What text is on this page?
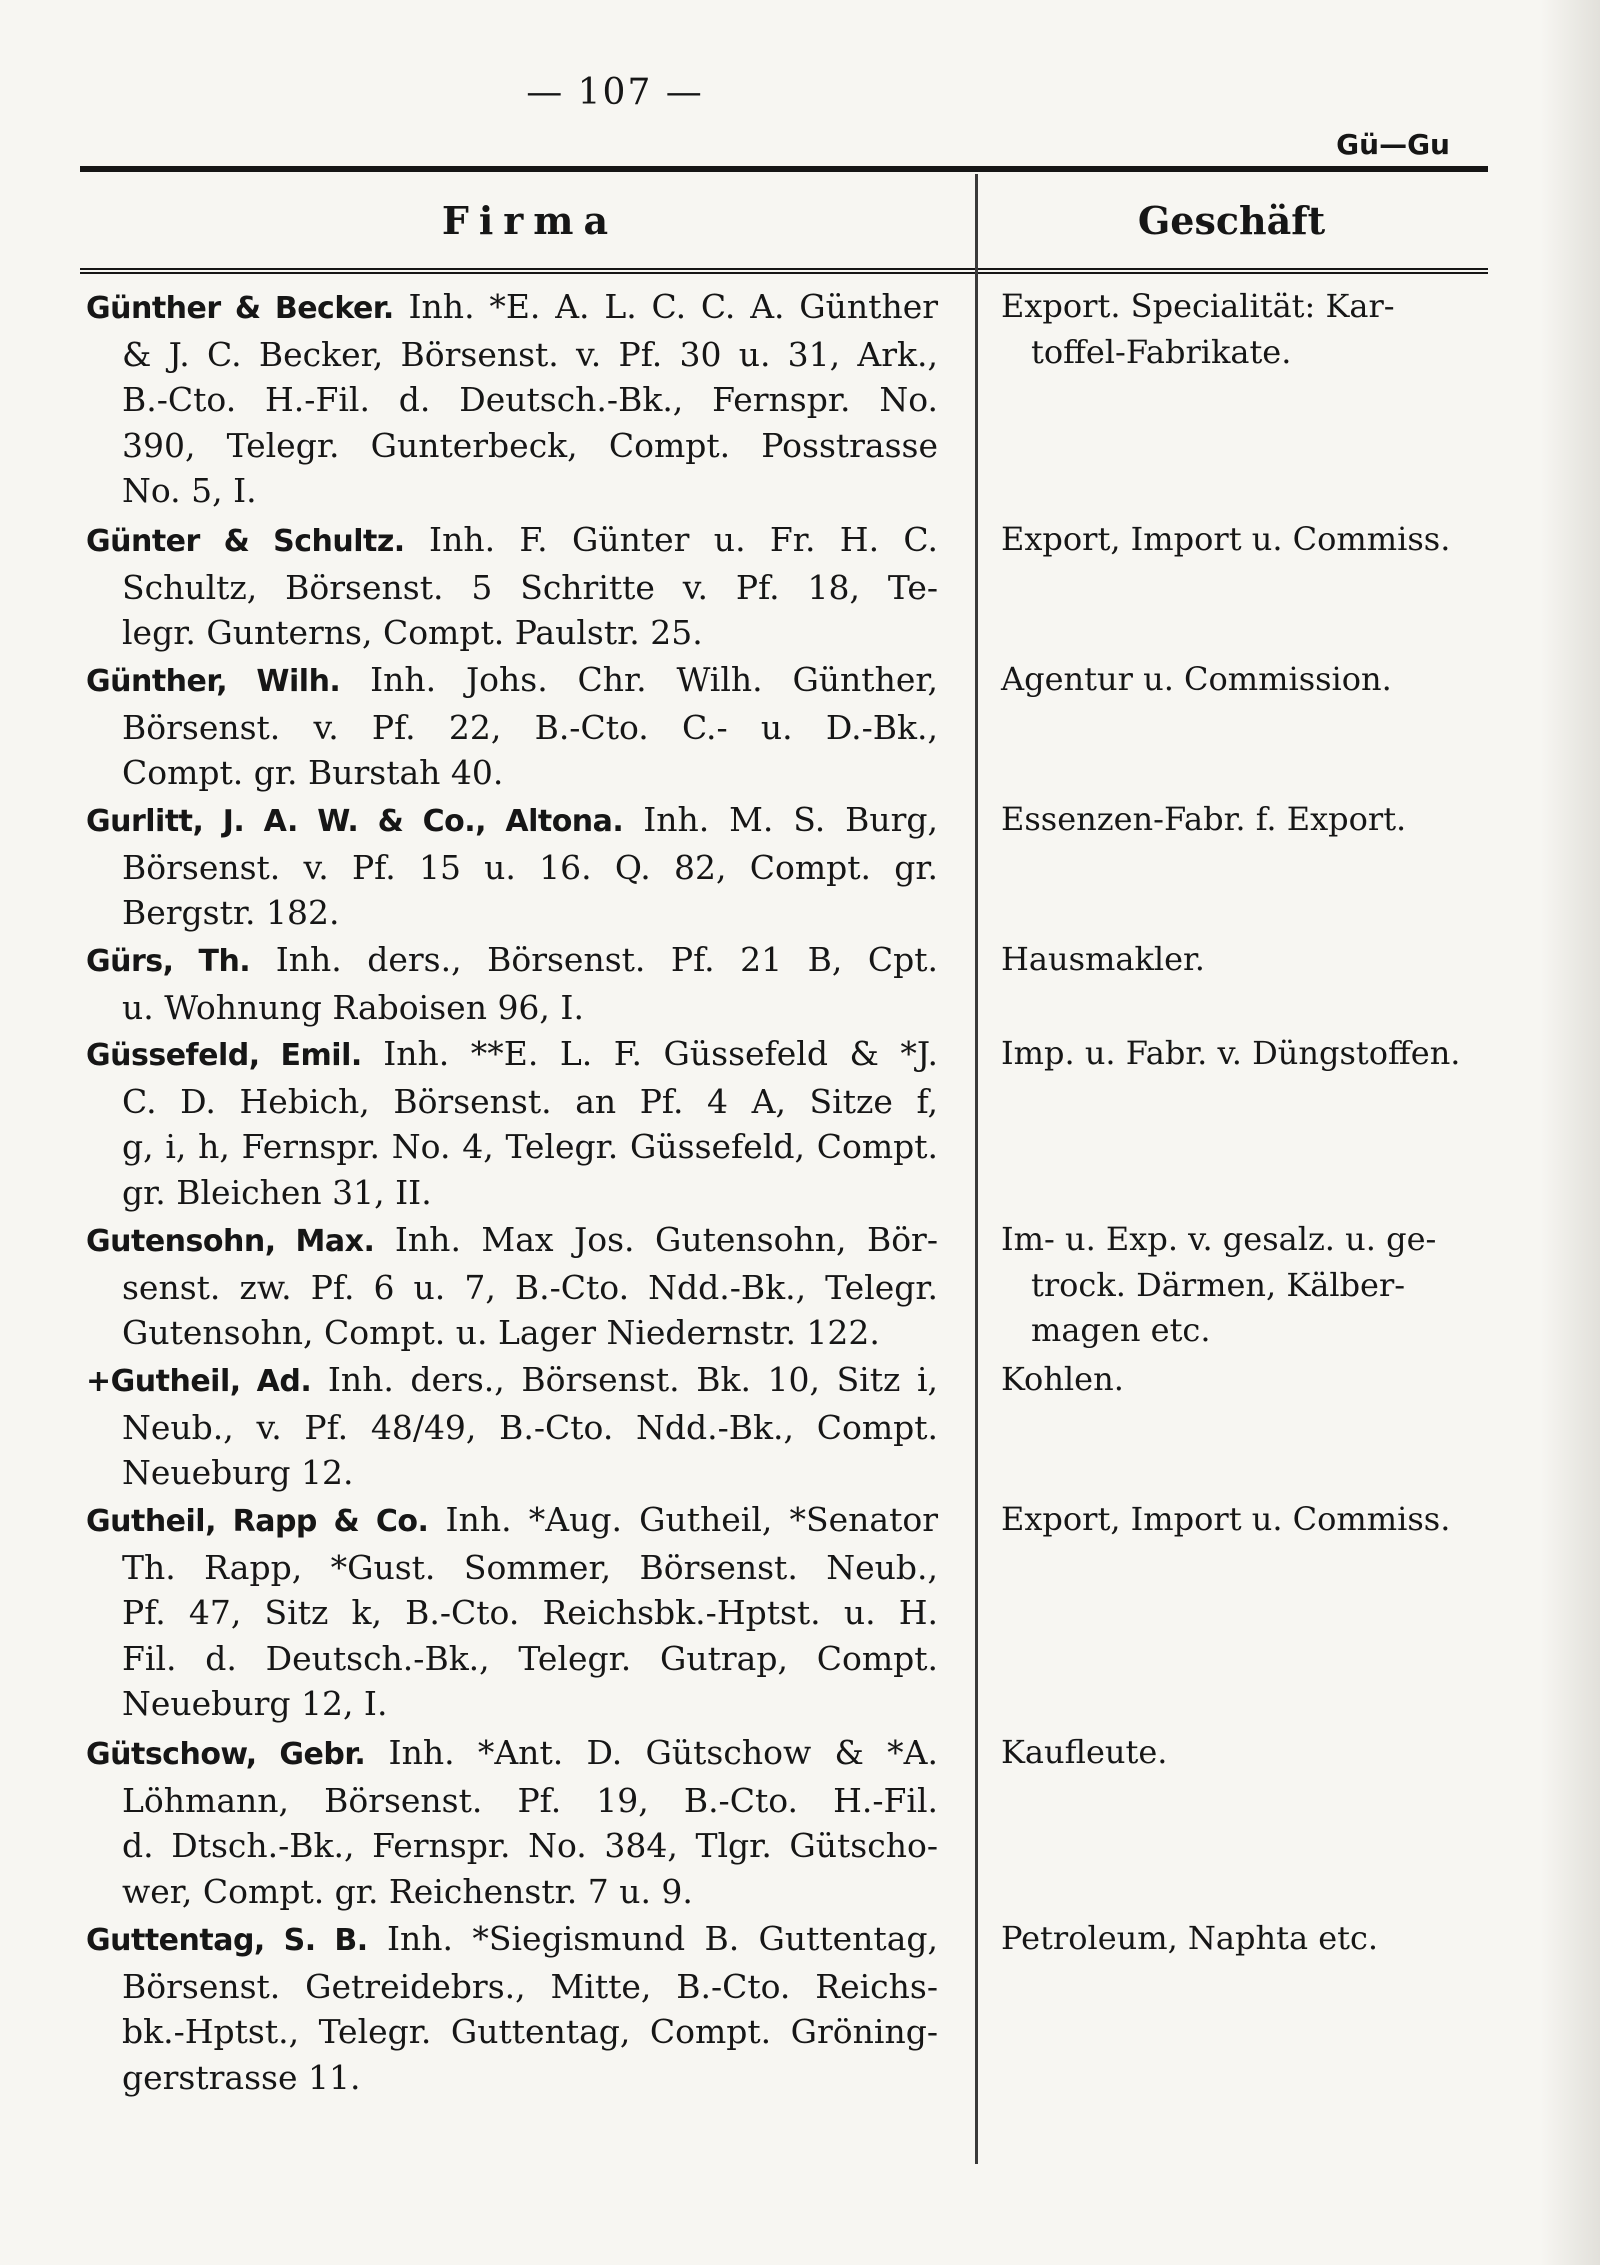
— 107 —
Gü—Gu
Firma	Geschäft

Günther & Becker. Inh. *E. A. L. C. C. A. Günther
& J. C. Becker, Börsenst. v. Pf. 30 u. 31, Ark.,
B.-Cto. H.-Fil. d. Deutsch.-Bk., Fernspr. No.
390, Telegr. Gunterbeck, Compt. Posstrasse
No. 5, I.

Export. Specialität: Kar-
toffel-Fabrikate.

Günter & Schultz. Inh. F. Günter u. Fr. H. C.
Schultz, Börsenst. 5 Schritte v. Pf. 18, Te-
legr. Gunterns, Compt. Paulstr. 25.

Export, Import u. Commiss.

Günther, Wilh. Inh. Johs. Chr. Wilh. Günther,
Börsenst. v. Pf. 22, B.-Cto. C.- u. D.-Bk.,
Compt. gr. Burstah 40.

Agentur u. Commission.

Gurlitt, J. A. W. & Co., Altona. Inh. M. S. Burg,
Börsenst. v. Pf. 15 u. 16. Q. 82, Compt. gr.
Bergstr. 182.

Essenzen-Fabr. f. Export.

Gürs, Th. Inh. ders., Börsenst. Pf. 21 B, Cpt.
u. Wohnung Raboisen 96, I.

Hausmakler.

Güssefeld, Emil. Inh. **E. L. F. Güssefeld & *J.
C. D. Hebich, Börsenst. an Pf. 4 A, Sitze f,
g, i, h, Fernspr. No. 4, Telegr. Güssefeld, Compt.
gr. Bleichen 31, II.

Imp. u. Fabr. v. Düngstoffen.

Gutensohn, Max. Inh. Max Jos. Gutensohn, Bör-
senst. zw. Pf. 6 u. 7, B.-Cto. Ndd.-Bk., Telegr.
Gutensohn, Compt. u. Lager Niedernstr. 122.

Im- u. Exp. v. gesalz. u. ge-
trock. Därmen, Kälber-
magen etc.

+Gutheil, Ad. Inh. ders., Börsenst. Bk. 10, Sitz i,
Neub., v. Pf. 48/49, B.-Cto. Ndd.-Bk., Compt.
Neueburg 12.

Kohlen.

Gutheil, Rapp & Co. Inh. *Aug. Gutheil, *Senator
Th. Rapp, *Gust. Sommer, Börsenst. Neub.,
Pf. 47, Sitz k, B.-Cto. Reichsbk.-Hptst. u. H.
Fil. d. Deutsch.-Bk., Telegr. Gutrap, Compt.
Neueburg 12, I.

Export, Import u. Commiss.

Gütschow, Gebr. Inh. *Ant. D. Gütschow & *A.
Löhmann, Börsenst. Pf. 19, B.-Cto. H.-Fil.
d. Dtsch.-Bk., Fernspr. No. 384, Tlgr. Gütscho-
wer, Compt. gr. Reichenstr. 7 u. 9.

Kaufleute.

Guttentag, S. B. Inh. *Siegismund B. Guttentag,
Börsenst. Getreidebrs., Mitte, B.-Cto. Reichs-
bk.-Hptst., Telegr. Guttentag, Compt. Gröning-
gerstrasse 11.

Petroleum, Naphta etc.
